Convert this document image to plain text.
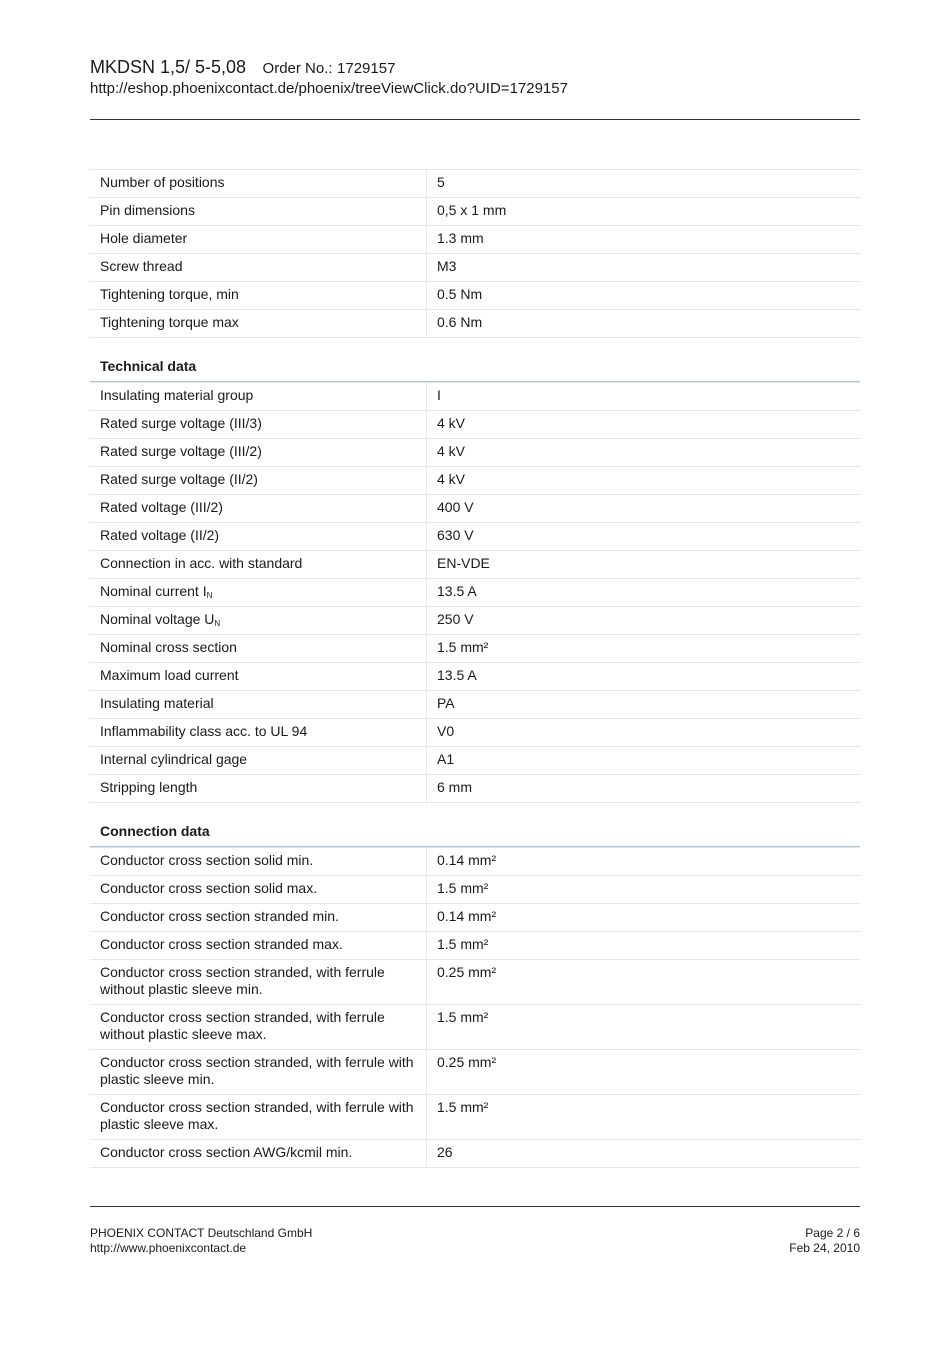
MKDSN 1,5/ 5-5,08 Order No.: 1729157
http://eshop.phoenixcontact.de/phoenix/treeViewClick.do?UID=1729157
Number of positions	5
Pin dimensions	0,5 x 1 mm
Hole diameter	1.3 mm
Screw thread	M3
Tightening torque, min	0.5 Nm
Tightening torque max	0.6 Nm
Technical data
Insulating material group	I
Rated surge voltage (III/3)	4 kV
Rated surge voltage (III/2)	4 kV
Rated surge voltage (II/2)	4 kV
Rated voltage (III/2)	400 V
Rated voltage (II/2)	630 V
Connection in acc. with standard	EN-VDE
Nominal current $I_N$	13.5 A
Nominal voltage $U_N$	250 V
Nominal cross section	1.5 mm²
Maximum load current	13.5 A
Insulating material	PA
Inflammability class acc. to UL 94	V0
Internal cylindrical gage	A1
Stripping length	6 mm
Connection data
Conductor cross section solid min.	0.14 mm²
Conductor cross section solid max.	1.5 mm²
Conductor cross section stranded min.	0.14 mm²
Conductor cross section stranded max.	1.5 mm²
Conductor cross section stranded, with ferrule without plastic sleeve min.	0.25 mm²
Conductor cross section stranded, with ferrule without plastic sleeve max.	1.5 mm²
Conductor cross section stranded, with ferrule with plastic sleeve min.	0.25 mm²
Conductor cross section stranded, with ferrule with plastic sleeve max.	1.5 mm²
Conductor cross section AWG/kcmil min.	26
PHOENIX CONTACT Deutschland GmbH
http://www.phoenixcontact.de
Page 2 / 6
Feb 24, 2010
